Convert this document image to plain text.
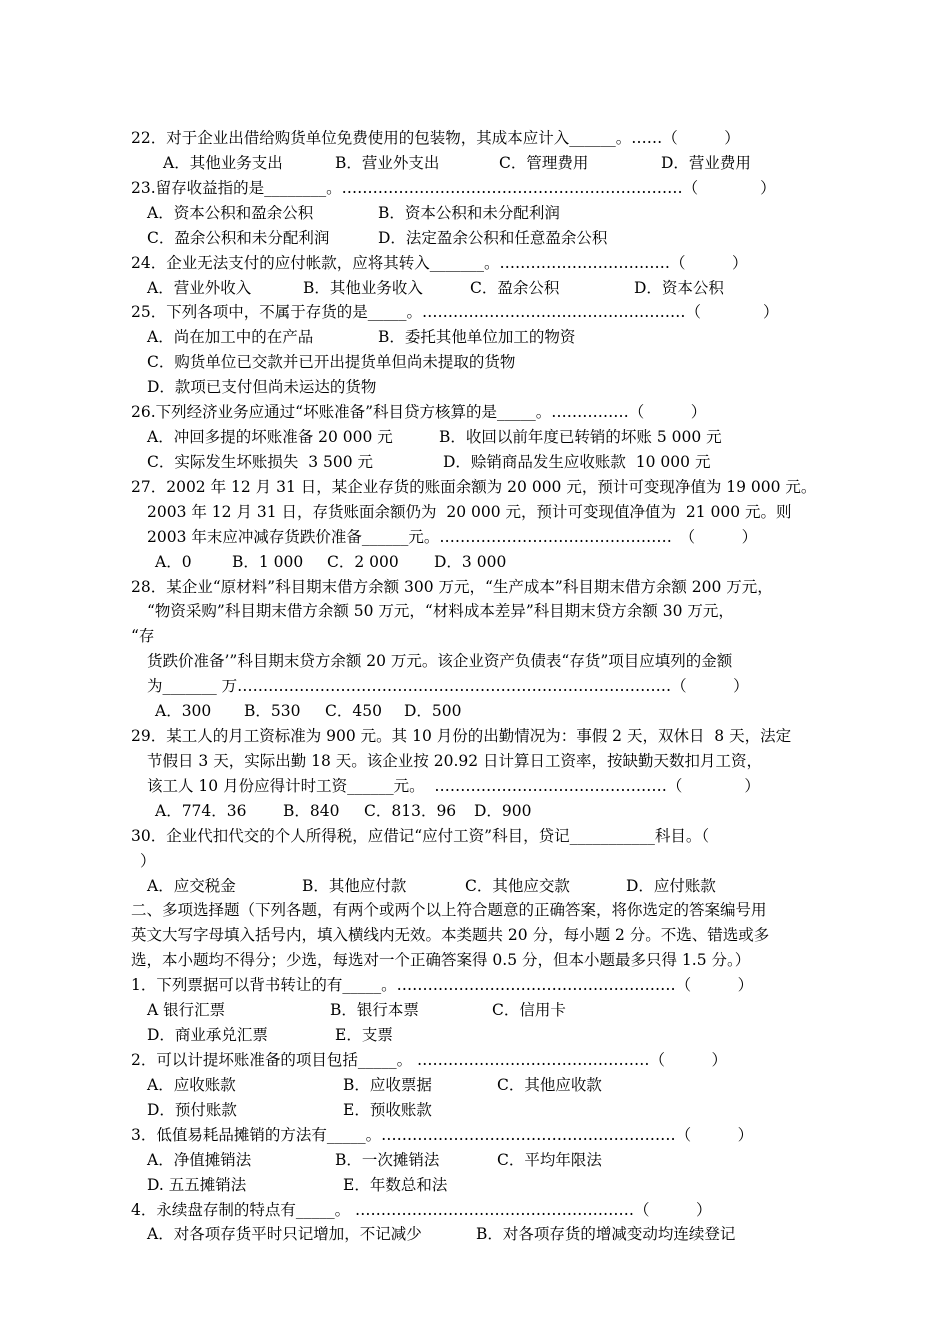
22．对于企业出借给购货单位免费使用的包装物，其成本应计入______。……（　　　）
A．其他业务支出	B．营业外支出	C．管理费用	D．营业费用
23.留存收益指的是________。…………………………………………………………（　　　　）
A．资本公积和盈余公积	B．资本公积和未分配利润
C．盈余公积和未分配利润	D．法定盈余公积和任意盈余公积
24．企业无法支付的应付帐款，应将其转入_______。……………………………（　　　）
A．营业外收入	B．其他业务收入	C．盈余公积	D．资本公积
25．下列各项中，不属于存货的是_____。……………………………………………（　　　　）
A．尚在加工中的在产品	B．委托其他单位加工的物资
C．购货单位已交款并已开出提货单但尚未提取的货物
D．款项已支付但尚未运达的货物
26.下列经济业务应通过“坏账准备”科目贷方核算的是_____。……………（　　　）
A．冲回多提的坏账准备 20 000 元	B．收回以前年度已转销的坏账 5 000 元
C．实际发生坏账损失  3 500 元	D．赊销商品发生应收账款  10 000 元
27．2002 年 12 月 31 日，某企业存货的账面余额为 20 000 元，预计可变现净值为 19 000 元。
2003 年 12 月 31 日，存货账面余额仍为  20 000 元，预计可变现值净值为  21 000 元。则
2003 年末应冲减存货跌价准备______元。………………………………………　（　　　）
A．0	B．1 000 C．2 000 D．3 000
28．某企业“原材料”科目期末借方余额 300 万元，“生产成本”科目期末借方余额 200 万元，
“物资采购”科目期末借方余额 50 万元，“材料成本差异”科目期末贷方余额 30 万元，
“存
货跌价准备’”科目期末贷方余额 20 万元。该企业资产负债表“存货”项目应填列的金额
为_______ 万…………………………………………………………………………（　　　）
A．300 B．530 C．450 D．500
29．某工人的月工资标准为 900 元。其 10 月份的出勤情况为：事假 2 天，双休日  8 天，法定
节假日 3 天，实际出勤 18 天。该企业按 20.92 日计算日工资率，按缺勤天数扣月工资，
该工人 10 月份应得计时工资______元。  ………………………………………（　　　　）
A．774．36 B．840 C．813．96 D．900
30．企业代扣代交的个人所得税，应借记“应付工资”科目，贷记___________科目。（
）
A．应交税金	B．其他应付款	C．其他应交款	D．应付账款
二、多项选择题（下列各题，有两个或两个以上符合题意的正确答案，将你选定的答案编号用
英文大写字母填入括号内，填入横线内无效。本类题共 20 分，每小题 2 分。不选、错选或多
选，本小题均不得分；少选，每选对一个正确答案得 0.5 分，但本小题最多只得 1.5 分。）
1．下列票据可以背书转让的有_____。………………………………………………（　　　）
A 银行汇票	B．银行本票	C．信用卡
D．商业承兑汇票	E．支票
2．可以计提坏账准备的项目包括_____。 ………………………………………（　　　）
A．应收账款	B．应收票据	C．其他应收款
D．预付账款	E．预收账款
3．低值易耗品摊销的方法有_____。…………………………………………………（　　　）
A．净值摊销法	B．一次摊销法	C．平均年限法
D. 五五摊销法	E．年数总和法
4．永续盘存制的特点有_____。 ………………………………………………（　　　）
A．对各项存货平时只记增加，不记减少	B．对各项存货的增减变动均连续登记
